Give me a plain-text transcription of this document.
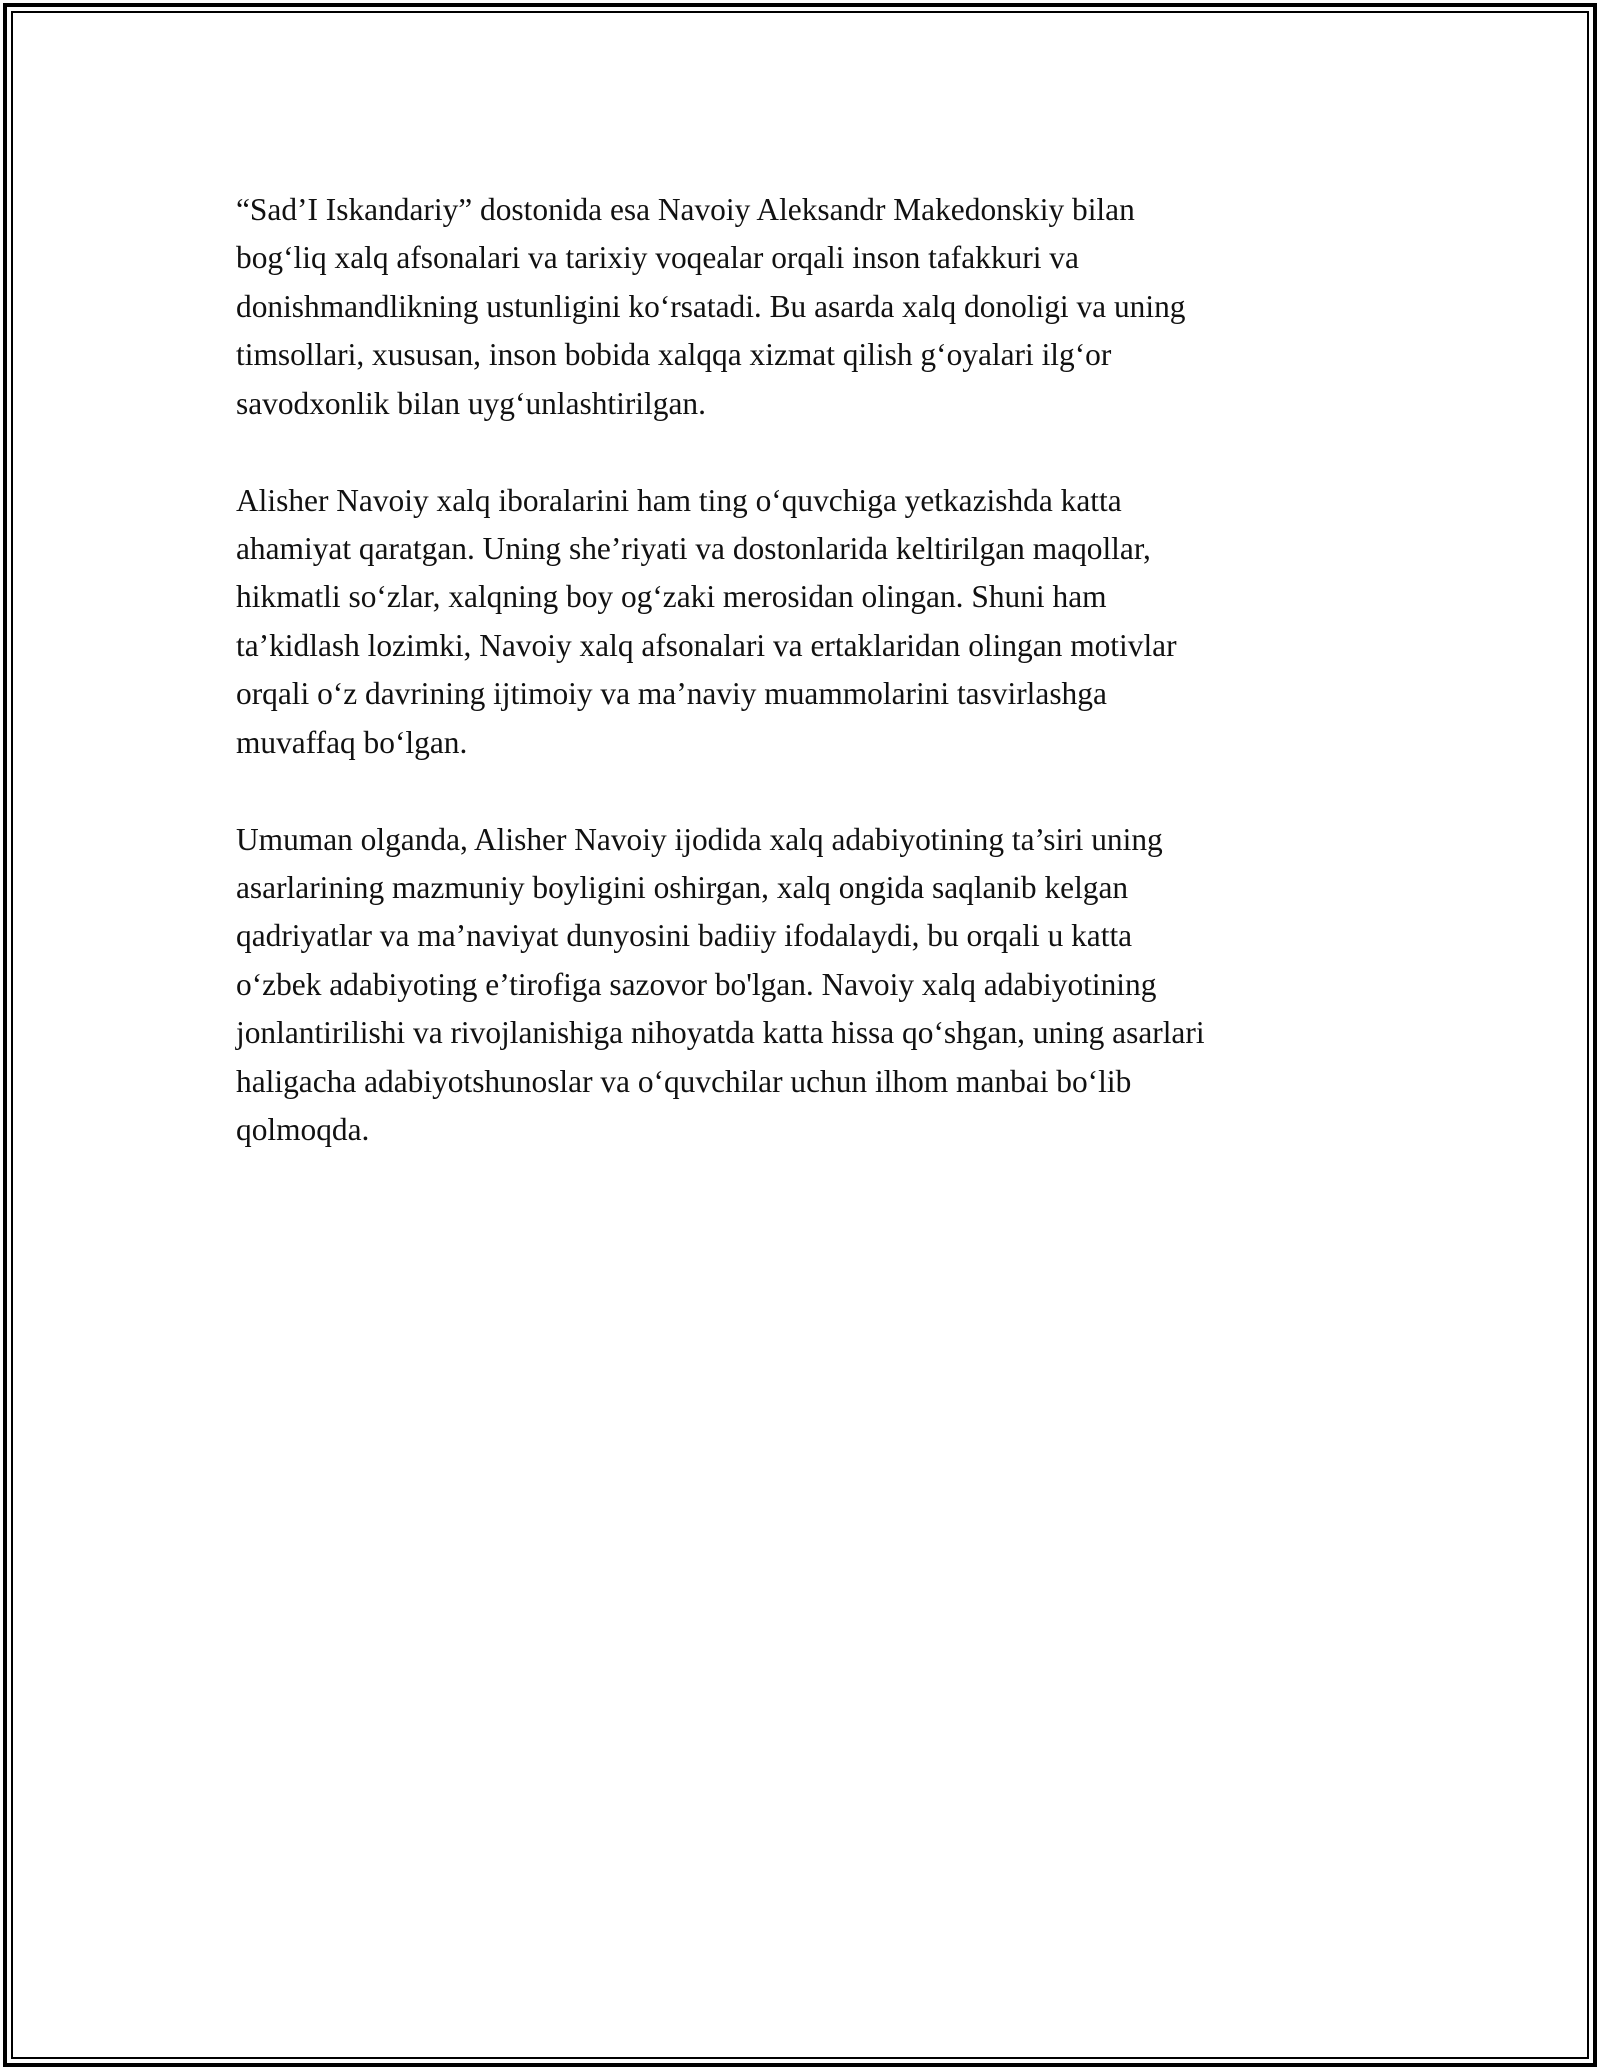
“Sad’I Iskandariy” dostonida esa Navoiy Aleksandr Makedonskiy bilan
bog‘liq xalq afsonalari va tarixiy voqealar orqali inson tafakkuri va
donishmandlikning ustunligini ko‘rsatadi. Bu asarda xalq donoligi va uning
timsollari, xususan, inson bobida xalqqa xizmat qilish g‘oyalari ilg‘or
savodxonlik bilan uyg‘unlashtirilgan.

Alisher Navoiy xalq iboralarini ham ting o‘quvchiga yetkazishda katta
ahamiyat qaratgan. Uning she’riyati va dostonlarida keltirilgan maqollar,
hikmatli so‘zlar, xalqning boy og‘zaki merosidan olingan. Shuni ham
ta’kidlash lozimki, Navoiy xalq afsonalari va ertaklaridan olingan motivlar
orqali o‘z davrining ijtimoiy va ma’naviy muammolarini tasvirlashga
muvaffaq bo‘lgan.

Umuman olganda, Alisher Navoiy ijodida xalq adabiyotining ta’siri uning
asarlarining mazmuniy boyligini oshirgan, xalq ongida saqlanib kelgan
qadriyatlar va ma’naviyat dunyosini badiiy ifodalaydi, bu orqali u katta
o‘zbek adabiyoting e’tirofiga sazovor bo'lgan. Navoiy xalq adabiyotining
jonlantirilishi va rivojlanishiga nihoyatda katta hissa qo‘shgan, uning asarlari
haligacha adabiyotshunoslar va o‘quvchilar uchun ilhom manbai bo‘lib
qolmoqda.
